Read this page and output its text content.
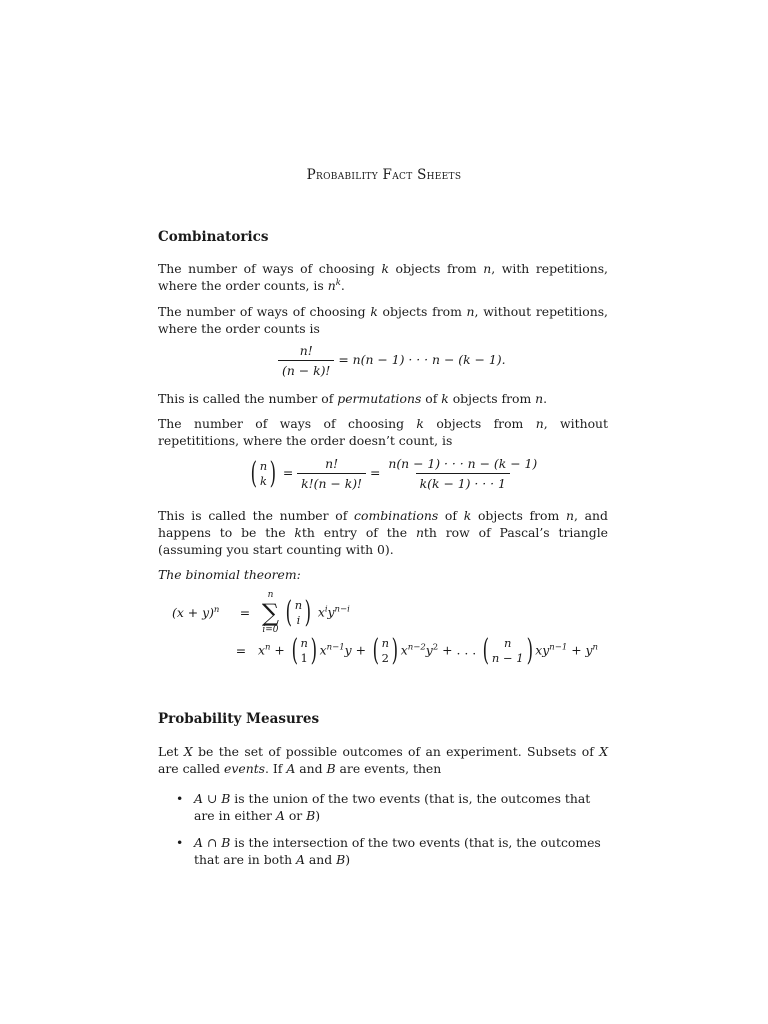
Probability Fact Sheets
Combinatorics
The number of ways of choosing k objects from n, with repetitions, where the order counts, is $n^k$.
The number of ways of choosing k objects from n, without repetitions, where the order counts is
$\frac{n!}{(n - k)!} = n(n - 1)$ · · · n − (k − 1).
This is called the number of permutations of k objects from n.
The number of ways of choosing k objects from n, without repetititions, where the order doesn’t count, is
( n
k ) = $\frac{n!}{k!(n - k)!} = \frac{n(n - 1) \cdot \cdot \cdot n - (k - 1)}{k(k - 1) \cdot \cdot \cdot 1}$
This is called the number of combinations of k objects from n, and happens to be the kth entry of the nth row of Pascal’s triangle (assuming you start counting with 0).
The binomial theorem:
$(x + y)^n$ =
n
∑
i=0
( n
i ) $x^iy^{n-i}$
= $x^n$ + ( n
1 ) $x^{n-1}y$ + ( n
2 ) $x^{n-2}y^2$ + . . . ( n
n − 1 ) $xy^{n-1} + y^n$
Probability Measures
Let X be the set of possible outcomes of an experiment. Subsets of X are called events. If A and B are events, then
• A ∪ B is the union of the two events (that is, the outcomes that are in either A or B)
• A ∩ B is the intersection of the two events (that is, the outcomes that are in both A and B)
